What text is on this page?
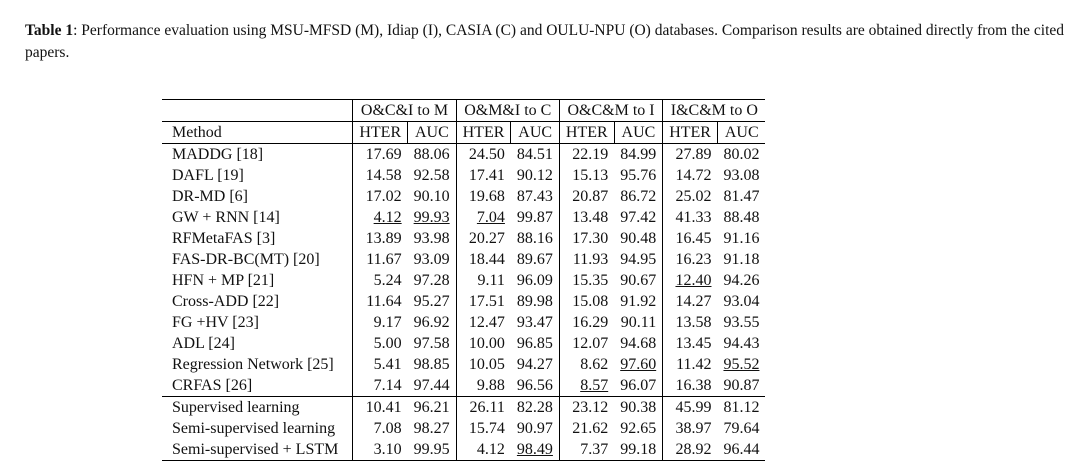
Table 1: Performance evaluation using MSU-MFSD (M), Idiap (I), CASIA (C) and OULU-NPU (O) databases. Comparison results are obtained directly from the cited papers.
	O&C&I to M		O&M&I to C		O&C&M to I		I&C&M to O	
Method	HTER	AUC	HTER	AUC	HTER	AUC	HTER	AUC
MADDG [18]	17.69	88.06	24.50	84.51	22.19	84.99	27.89	80.02
DAFL [19]	14.58	92.58	17.41	90.12	15.13	95.76	14.72	93.08
DR-MD [6]	17.02	90.10	19.68	87.43	20.87	86.72	25.02	81.47
GW + RNN [14]	4.12	99.93	7.04	99.87	13.48	97.42	41.33	88.48
RFMetaFAS [3]	13.89	93.98	20.27	88.16	17.30	90.48	16.45	91.16
FAS-DR-BC(MT) [20]	11.67	93.09	18.44	89.67	11.93	94.95	16.23	91.18
HFN + MP [21]	5.24	97.28	9.11	96.09	15.35	90.67	12.40	94.26
Cross-ADD [22]	11.64	95.27	17.51	89.98	15.08	91.92	14.27	93.04
FG +HV [23]	9.17	96.92	12.47	93.47	16.29	90.11	13.58	93.55
ADL [24]	5.00	97.58	10.00	96.85	12.07	94.68	13.45	94.43
Regression Network [25]	5.41	98.85	10.05	94.27	8.62	97.60	11.42	95.52
CRFAS [26]	7.14	97.44	9.88	96.56	8.57	96.07	16.38	90.87
Supervised learning	10.41	96.21	26.11	82.28	23.12	90.38	45.99	81.12
Semi-supervised learning	7.08	98.27	15.74	90.97	21.62	92.65	38.97	79.64
Semi-supervised + LSTM	3.10	99.95	4.12	98.49	7.37	99.18	28.92	96.44
